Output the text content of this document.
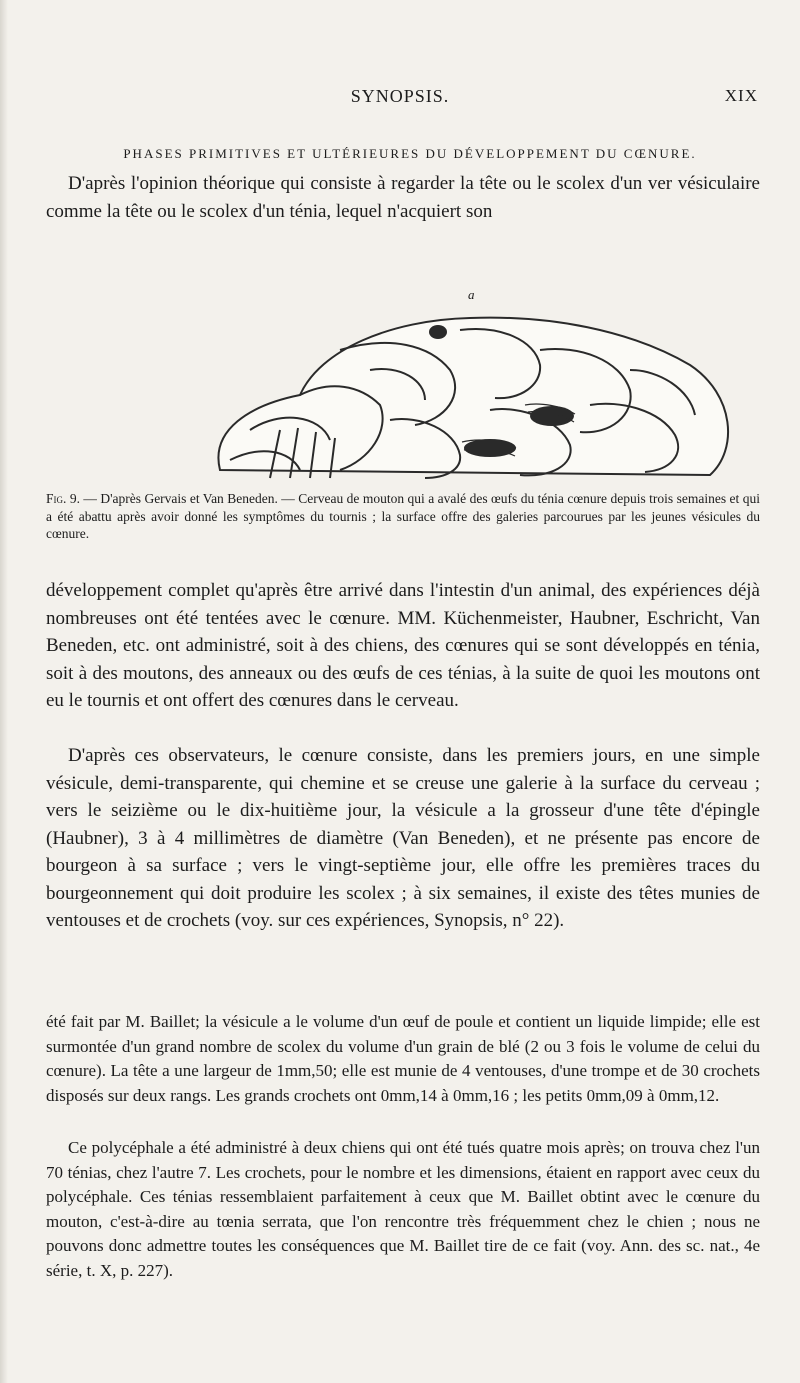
SYNOPSIS.	XIX
PHASES PRIMITIVES ET ULTÉRIEURES DU DÉVELOPPEMENT DU CŒNURE.

D'après l'opinion théorique qui consiste à regarder la tête ou le scolex d'un ver vésiculaire comme la tête ou le scolex d'un ténia, lequel n'acquiert son

a
Fig. 9. — D'après Gervais et Van Beneden. — Cerveau de mouton qui a avalé des œufs du ténia cœnure depuis trois semaines et qui a été abattu après avoir donné les symptômes du tournis ; la surface offre des galeries parcourues par les jeunes vésicules du cœnure.

développement complet qu'après être arrivé dans l'intestin d'un animal, des expériences déjà nombreuses ont été tentées avec le cœnure. MM. Küchenmeister, Haubner, Eschricht, Van Beneden, etc. ont administré, soit à des chiens, des cœnures qui se sont développés en ténia, soit à des moutons, des anneaux ou des œufs de ces ténias, à la suite de quoi les moutons ont eu le tournis et ont offert des cœnures dans le cerveau.

D'après ces observateurs, le cœnure consiste, dans les premiers jours, en une simple vésicule, demi-transparente, qui chemine et se creuse une galerie à la surface du cerveau ; vers le seizième ou le dix-huitième jour, la vésicule a la grosseur d'une tête d'épingle (Haubner), 3 à 4 millimètres de diamètre (Van Beneden), et ne présente pas encore de bourgeon à sa surface ; vers le vingt-septième jour, elle offre les premières traces du bourgeonnement qui doit produire les scolex ; à six semaines, il existe des têtes munies de ventouses et de crochets (voy. sur ces expériences, Synopsis, n° 22).

été fait par M. Baillet; la vésicule a le volume d'un œuf de poule et contient un liquide limpide; elle est surmontée d'un grand nombre de scolex du volume d'un grain de blé (2 ou 3 fois le volume de celui du cœnure). La tête a une largeur de 1mm,50; elle est munie de 4 ventouses, d'une trompe et de 30 crochets disposés sur deux rangs. Les grands crochets ont 0mm,14 à 0mm,16 ; les petits 0mm,09 à 0mm,12.

Ce polycéphale a été administré à deux chiens qui ont été tués quatre mois après; on trouva chez l'un 70 ténias, chez l'autre 7. Les crochets, pour le nombre et les dimensions, étaient en rapport avec ceux du polycéphale. Ces ténias ressemblaient parfaitement à ceux que M. Baillet obtint avec le cœnure du mouton, c'est-à-dire au tœnia serrata, que l'on rencontre très fréquemment chez le chien ; nous ne pouvons donc admettre toutes les conséquences que M. Baillet tire de ce fait (voy. Ann. des sc. nat., 4e série, t. X, p. 227).
